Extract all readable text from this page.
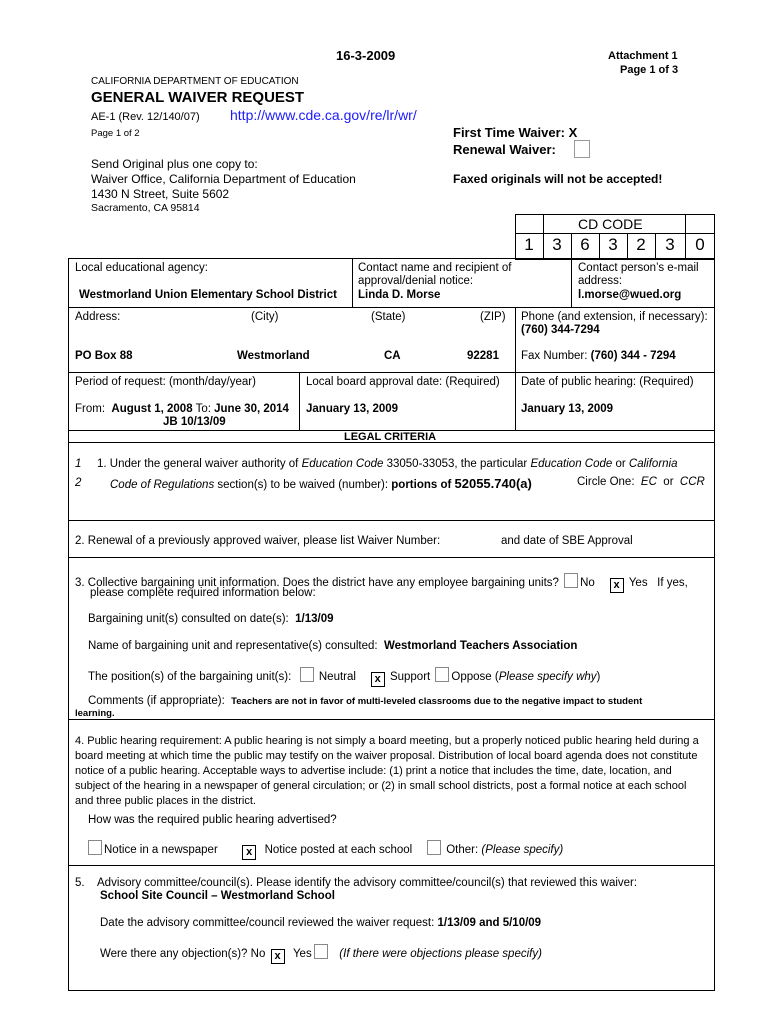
16-3-2009	Attachment 1
Page 1 of 3
CALIFORNIA DEPARTMENT OF EDUCATION
GENERAL WAIVER REQUEST
AE-1 (Rev. 12/140/07) http://www.cde.ca.gov/re/lr/wr/
Page 1 of 2	First Time Waiver: X
Renewal Waiver:
Send Original plus one copy to:
Waiver Office, California Department of Education
1430 N Street, Suite 5602
Sacramento, CA 95814
Faxed originals will not be accepted!
CD CODE
1	3	6	3	2	3	0
Local educational agency:
Westmorland Union Elementary School District
Contact name and recipient of
approval/denial notice:
Linda D. Morse
Contact person’s e-mail
address:
l.morse@wued.org
Address:	(City)	(State)	(ZIP)
PO Box 88	Westmorland	CA	92281
Phone (and extension, if necessary):
(760) 344-7294
Fax Number: (760) 344 - 7294
Period of request: (month/day/year)
From: August 1, 2008 To: June 30, 2014
JB 10/13/09
Local board approval date: (Required)
January 13, 2009
Date of public hearing: (Required)
January 13, 2009
LEGAL CRITERIA
1
2
1. Under the general waiver authority of Education Code 33050-33053, the particular Education Code or California
Code of Regulations section(s) to be waived (number): portions of 52055.740(a)	Circle One: EC or CCR
2. Renewal of a previously approved waiver, please list Waiver Number:	and date of SBE Approval
3. Collective bargaining unit information. Does the district have any employee bargaining units? No x Yes If yes,
please complete required information below:
Bargaining unit(s) consulted on date(s): 1/13/09
Name of bargaining unit and representative(s) consulted: Westmorland Teachers Association
The position(s) of the bargaining unit(s): Neutral x Support Oppose (Please specify why)
Comments (if appropriate): Teachers are not in favor of multi-leveled classrooms due to the negative impact to student
learning.
4. Public hearing requirement: A public hearing is not simply a board meeting, but a properly noticed public hearing held during a board meeting at which time the public may testify on the waiver proposal. Distribution of local board agenda does not constitute notice of a public hearing. Acceptable ways to advertise include: (1) print a notice that includes the time, date, location, and subject of the hearing in a newspaper of general circulation; or (2) in small school districts, post a formal notice at each school and three public places in the district.
How was the required public hearing advertised?
Notice in a newspaper	x Notice posted at each school	Other: (Please specify)
5. Advisory committee/council(s). Please identify the advisory committee/council(s) that reviewed this waiver:
School Site Council – Westmorland School
Date the advisory committee/council reviewed the waiver request: 1/13/09 and 5/10/09
Were there any objection(s)? No x Yes (If there were objections please specify)
